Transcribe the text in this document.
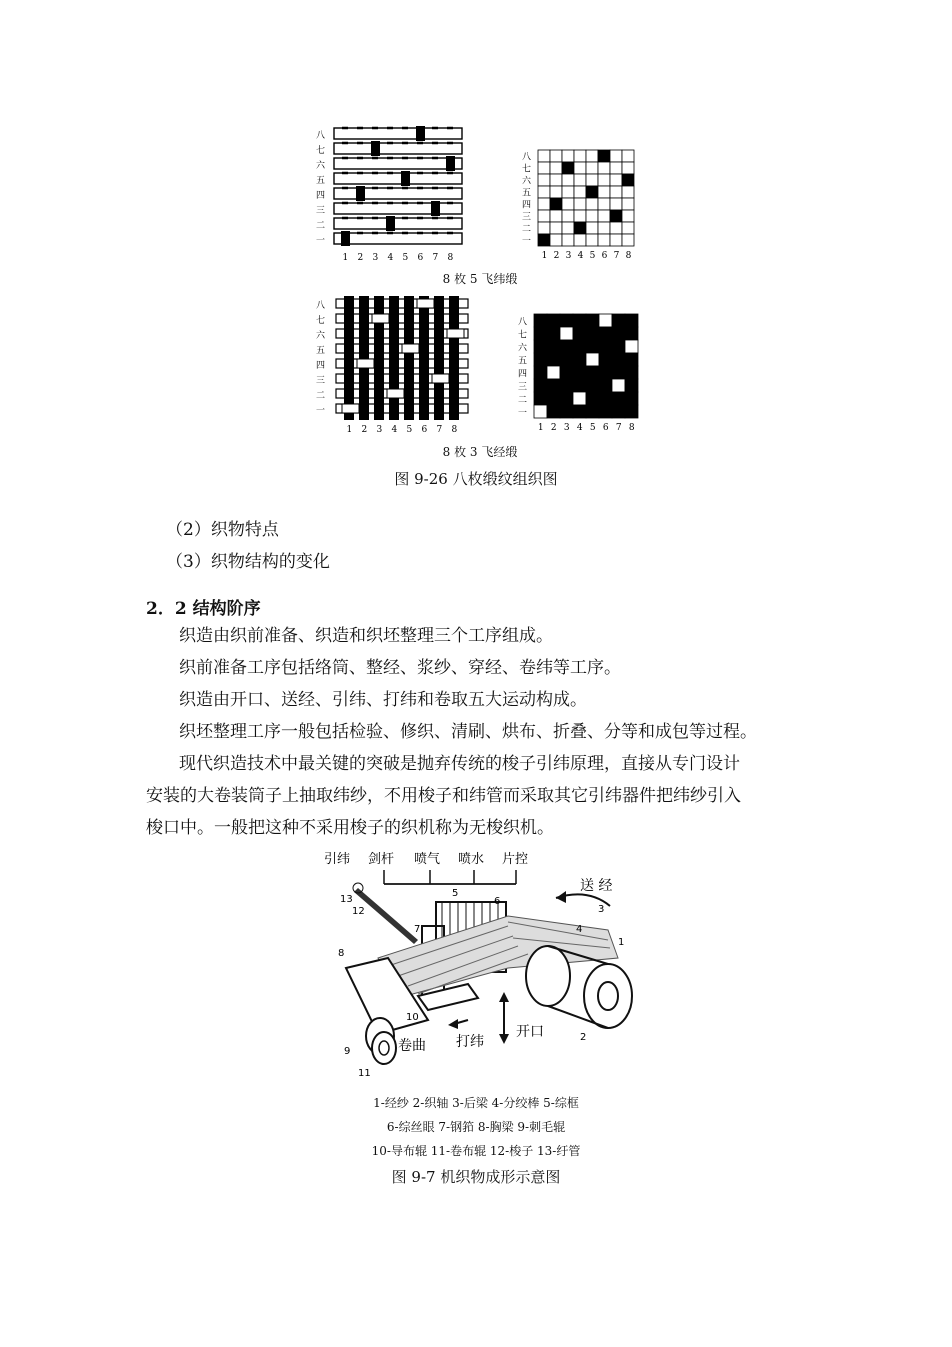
八
七
六
五
四
三
二
一
1 2 3 4 5 6 7 8
八
七
六
五
四
三
二
一
1 2 3 4 5 6 7 8
8 枚 5 飞纬缎
八
七
六
五
四
三
二
一
1 2 3 4 5 6 7 8
八
七
六
五
四
三
二
一
1 2 3 4 5 6 7 8
8 枚 3 飞经缎
图 9-26 八枚缎纹组织图
（2）织物特点
（3）织物结构的变化
2．2 结构阶序
织造由织前准备、织造和织坯整理三个工序组成。
织前准备工序包括络筒、整经、浆纱、穿经、卷纬等工序。
织造由开口、送经、引纬、打纬和卷取五大运动构成。
织坯整理工序一般包括检验、修织、清刷、烘布、折叠、分等和成包等过程。
现代织造技术中最关键的突破是抛弃传统的梭子引纬原理，直接从专门设计
安装的大卷装筒子上抽取纬纱，不用梭子和纬管而采取其它引纬器件把纬纱引入
梭口中。一般把这种不采用梭子的织机称为无梭织机。
引纬 剑杆 喷气 喷水 片控
送 经
卷曲 打纬
开口
1
2
3
4
5
6
7
8
9
10
11
12
13
1-经纱 2-织轴 3-后梁 4-分绞棒 5-综框
6-综丝眼 7-钢筘 8-胸梁 9-刺毛辊
10-导布辊 11-卷布辊 12-梭子 13-纡管
图 9-7 机织物成形示意图
